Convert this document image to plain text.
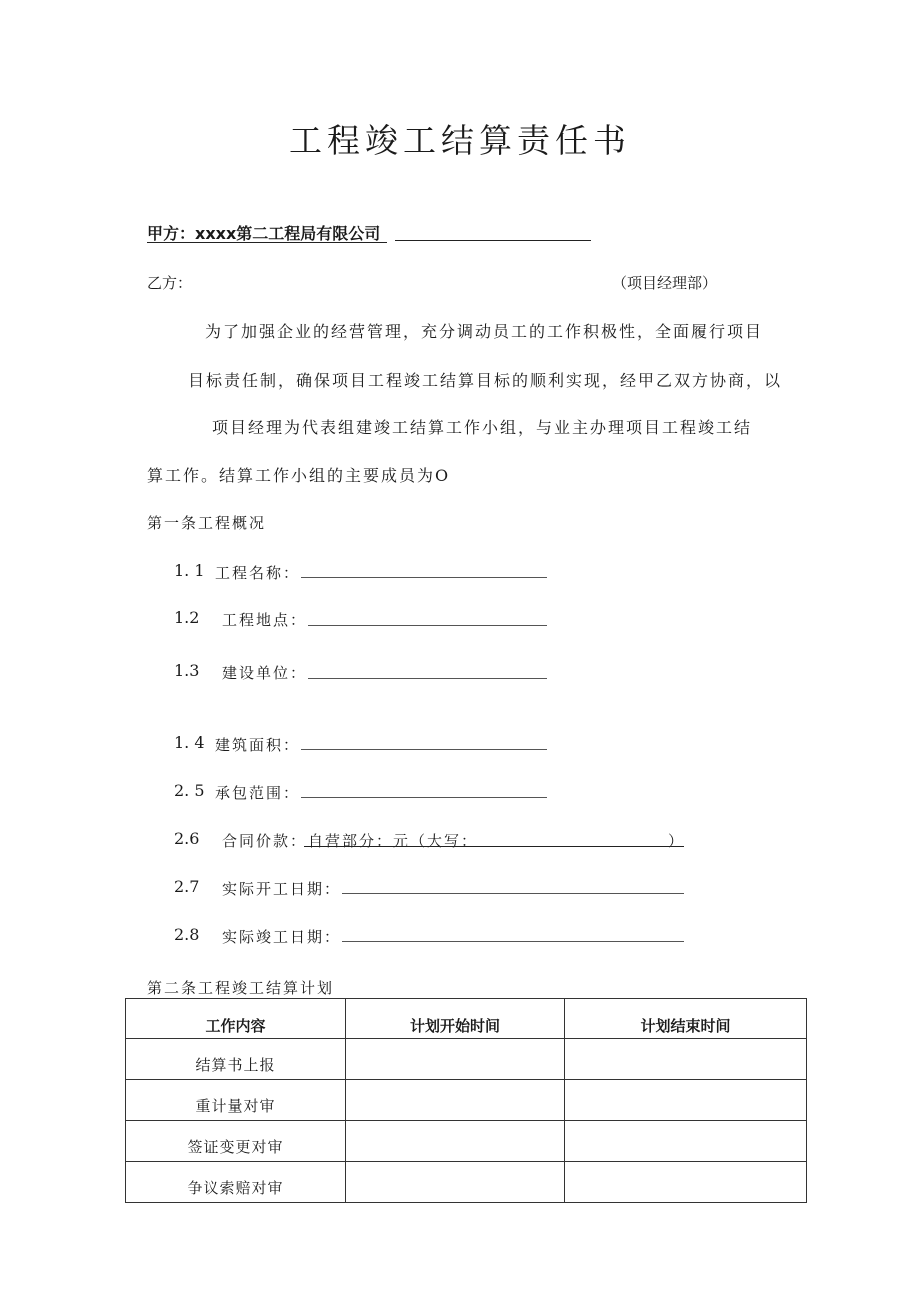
工程竣工结算责任书
甲方：xxxx第二工程局有限公司
乙方：	（项目经理部）
为了加强企业的经营管理，充分调动员工的工作积极性，全面履行项目
目标责任制，确保项目工程竣工结算目标的顺利实现，经甲乙双方协商，以
项目经理为代表组建竣工结算工作小组，与业主办理项目工程竣工结
算工作。结算工作小组的主要成员为O
第一条工程概况
1. 1 工程名称：
1.2 工程地点：
1.3 建设单位：
1. 4 建筑面积：
2. 5 承包范围：
2.6 合同价款： 自营部分：元（大写：	）
2.7 实际开工日期：
2.8 实际竣工日期：
第二条工程竣工结算计划
工作内容	计划开始时间	计划结束时间
结算书上报		
重计量对审		
签证变更对审		
争议索赔对审		
